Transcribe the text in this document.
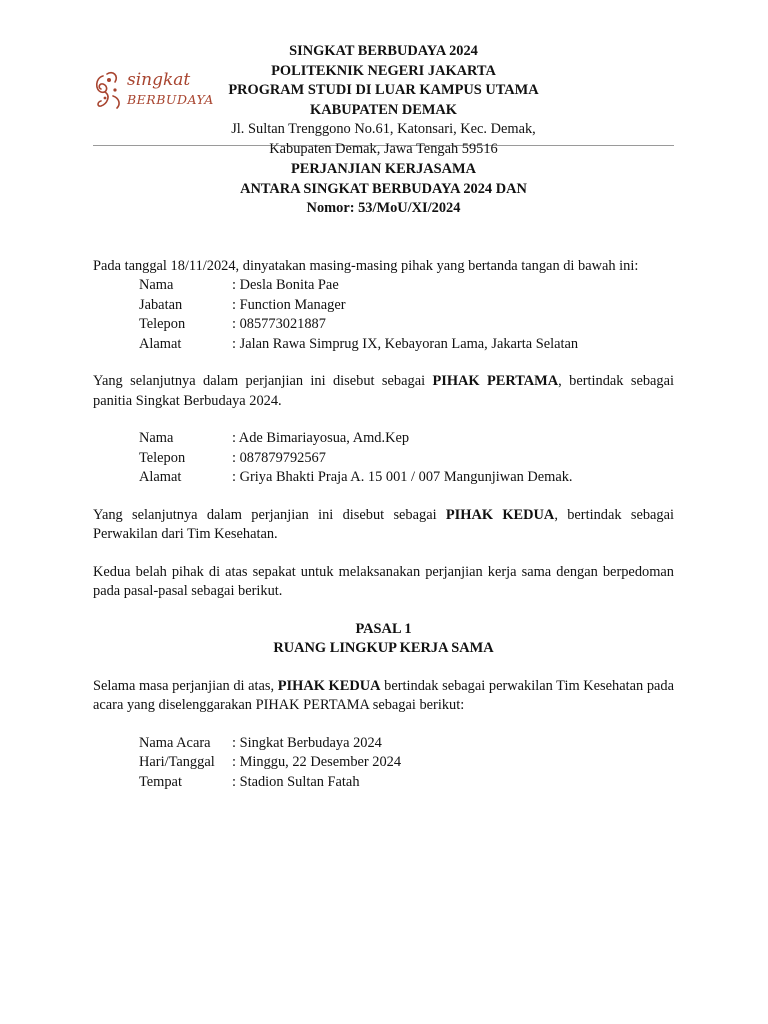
singkat
BERBUDAYA
SINGKAT BERBUDAYA 2024
POLITEKNIK NEGERI JAKARTA
PROGRAM STUDI DI LUAR KAMPUS UTAMA
KABUPATEN DEMAK
Jl. Sultan Trenggono No.61, Katonsari, Kec. Demak,
Kabupaten Demak, Jawa Tengah 59516
PERJANJIAN KERJASAMA
ANTARA SINGKAT BERBUDAYA 2024 DAN
Nomor: 53/MoU/XI/2024

Pada tanggal 18/11/2024, dinyatakan masing-masing pihak yang bertanda tangan di bawah ini:

Nama	: Desla Bonita Pae
Jabatan	: Function Manager
Telepon	: 085773021887
Alamat	: Jalan Rawa Simprug IX, Kebayoran Lama, Jakarta Selatan

Yang selanjutnya dalam perjanjian ini disebut sebagai PIHAK PERTAMA, bertindak sebagai panitia Singkat Berbudaya 2024.

Nama	: Ade Bimariayosua, Amd.Kep
Telepon	: 087879792567
Alamat	: Griya Bhakti Praja A. 15 001 / 007 Mangunjiwan Demak.

Yang selanjutnya dalam perjanjian ini disebut sebagai PIHAK KEDUA, bertindak sebagai Perwakilan dari Tim Kesehatan.

Kedua belah pihak di atas sepakat untuk melaksanakan perjanjian kerja sama dengan berpedoman pada pasal-pasal sebagai berikut.

PASAL 1
RUANG LINGKUP KERJA SAMA

Selama masa perjanjian di atas, PIHAK KEDUA bertindak sebagai perwakilan Tim Kesehatan pada acara yang diselenggarakan PIHAK PERTAMA sebagai berikut:

Nama Acara	: Singkat Berbudaya 2024
Hari/Tanggal	: Minggu, 22 Desember 2024
Tempat	: Stadion Sultan Fatah
